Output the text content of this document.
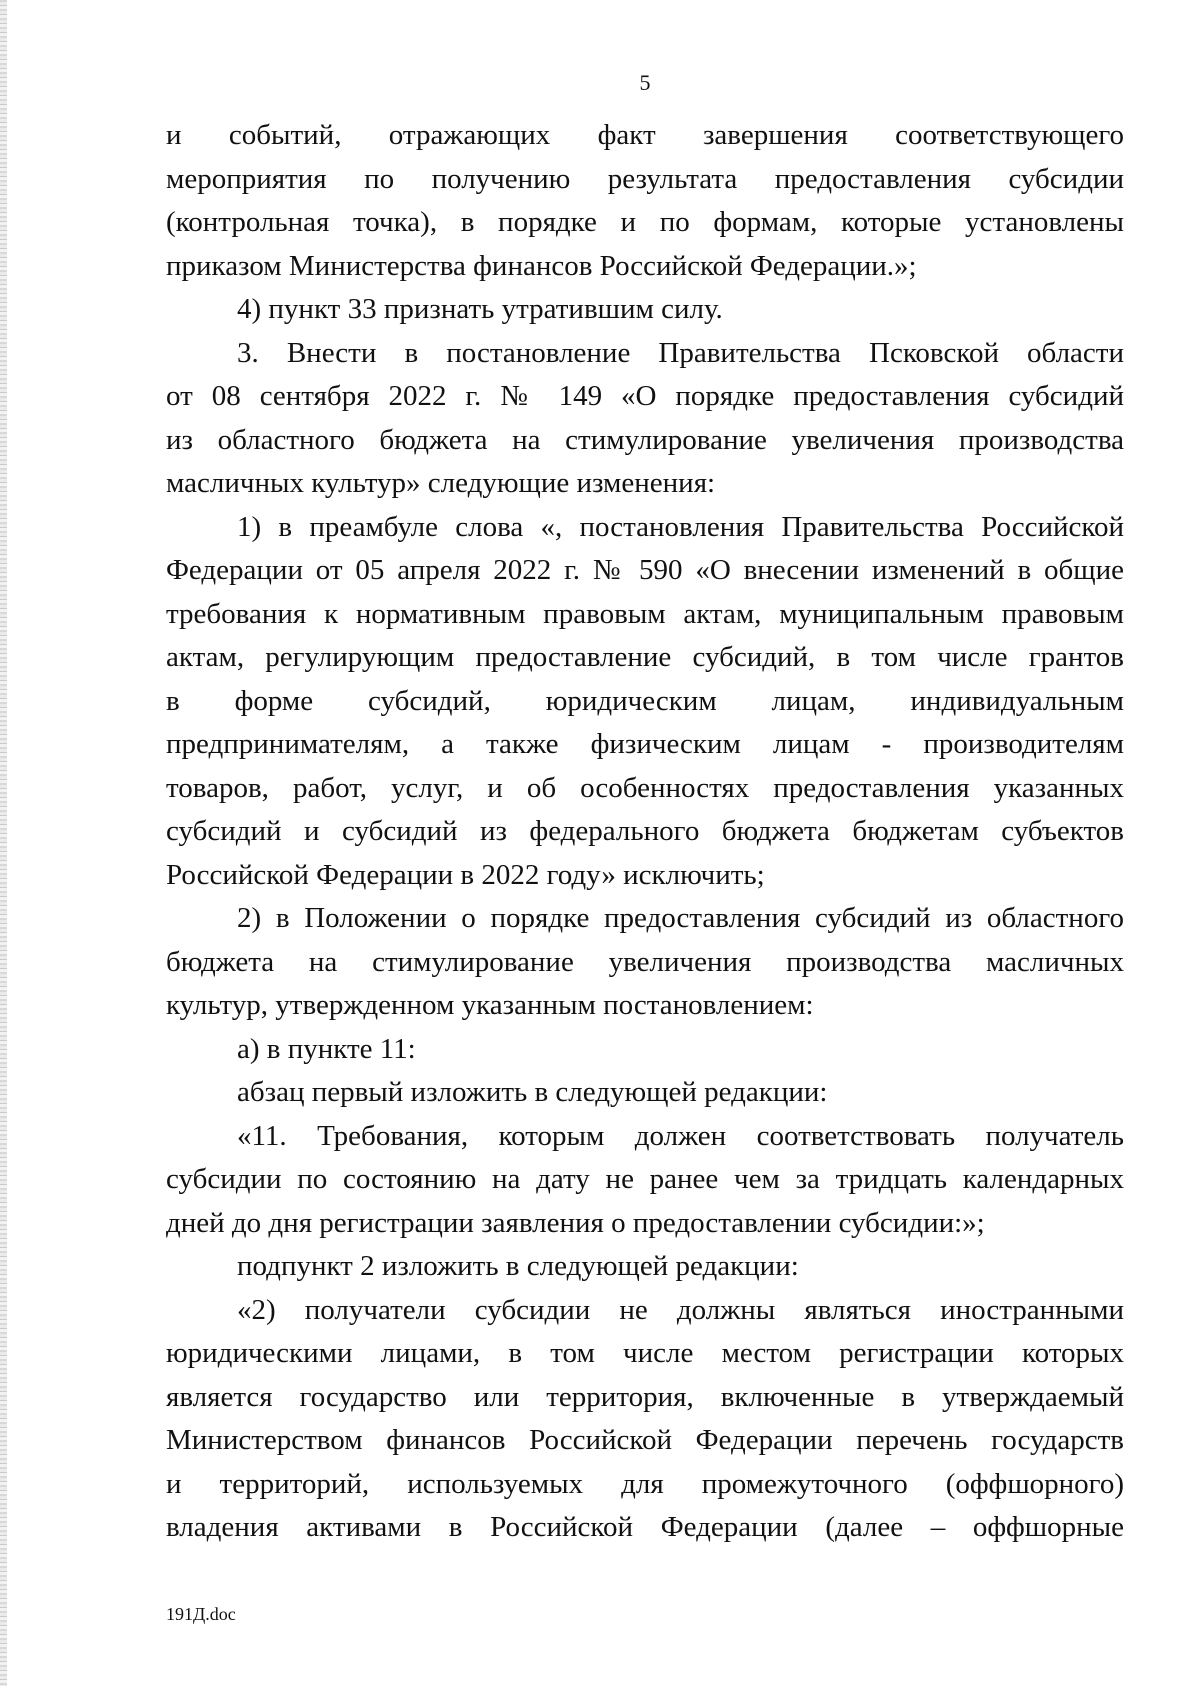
5
и событий, отражающих факт завершения соответствующего
мероприятия по получению результата предоставления субсидии
(контрольная точка), в порядке и по формам, которые установлены
приказом Министерства финансов Российской Федерации.»;
4) пункт 33 признать утратившим силу.
3. Внести в постановление Правительства Псковской области
от 08 сентября 2022 г. № 149 «О порядке предоставления субсидий
из областного бюджета на стимулирование увеличения производства
масличных культур» следующие изменения:
1) в преамбуле слова «, постановления Правительства Российской
Федерации от 05 апреля 2022 г. № 590 «О внесении изменений в общие
требования к нормативным правовым актам, муниципальным правовым
актам, регулирующим предоставление субсидий, в том числе грантов
в форме субсидий, юридическим лицам, индивидуальным
предпринимателям, а также физическим лицам - производителям
товаров, работ, услуг, и об особенностях предоставления указанных
субсидий и субсидий из федерального бюджета бюджетам субъектов
Российской Федерации в 2022 году» исключить;
2) в Положении о порядке предоставления субсидий из областного
бюджета на стимулирование увеличения производства масличных
культур, утвержденном указанным постановлением:
а) в пункте 11:
абзац первый изложить в следующей редакции:
«11. Требования, которым должен соответствовать получатель
субсидии по состоянию на дату не ранее чем за тридцать календарных
дней до дня регистрации заявления о предоставлении субсидии:»;
подпункт 2 изложить в следующей редакции:
«2) получатели субсидии не должны являться иностранными
юридическими лицами, в том числе местом регистрации которых
является государство или территория, включенные в утверждаемый
Министерством финансов Российской Федерации перечень государств
и территорий, используемых для промежуточного (оффшорного)
владения активами в Российской Федерации (далее – оффшорные
191Д.doc
